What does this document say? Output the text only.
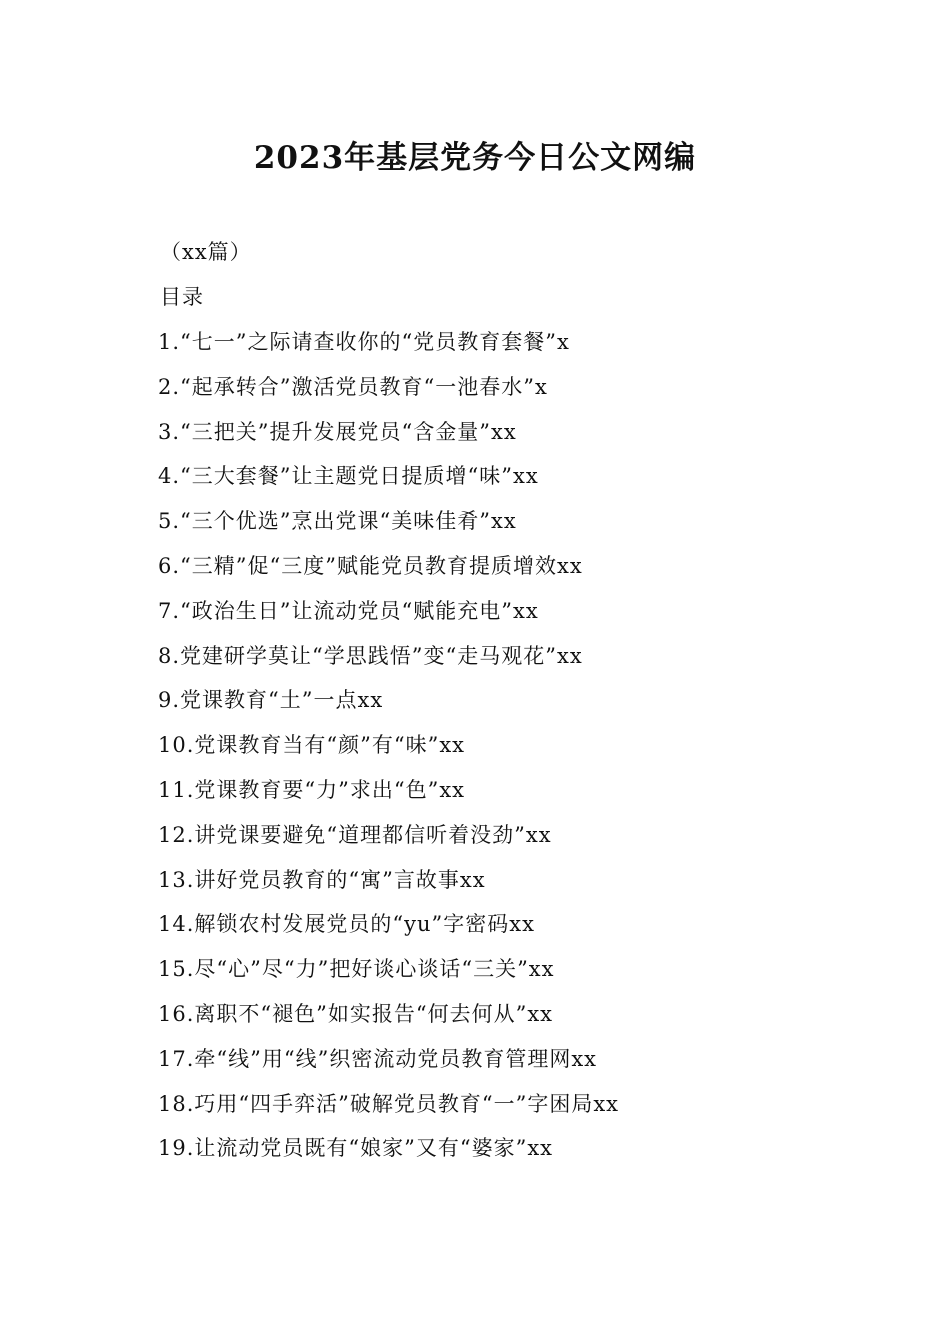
2023年基层党务今日公文网编
（xx篇）
目录
1.“七一”之际请查收你的“党员教育套餐”x
2.“起承转合”激活党员教育“一池春水”x
3.“三把关”提升发展党员“含金量”xx
4.“三大套餐”让主题党日提质增“味”xx
5.“三个优选”烹出党课“美味佳肴”xx
6.“三精”促“三度”赋能党员教育提质增效xx
7.“政治生日”让流动党员“赋能充电”xx
8.党建研学莫让“学思践悟”变“走马观花”xx
9.党课教育“土”一点xx
10.党课教育当有“颜”有“味”xx
11.党课教育要“力”求出“色”xx
12.讲党课要避免“道理都信听着没劲”xx
13.讲好党员教育的“寓”言故事xx
14.解锁农村发展党员的“yu”字密码xx
15.尽“心”尽“力”把好谈心谈话“三关”xx
16.离职不“褪色”如实报告“何去何从”xx
17.牵“线”用“线”织密流动党员教育管理网xx
18.巧用“四手弈活”破解党员教育“一”字困局xx
19.让流动党员既有“娘家”又有“婆家”xx
